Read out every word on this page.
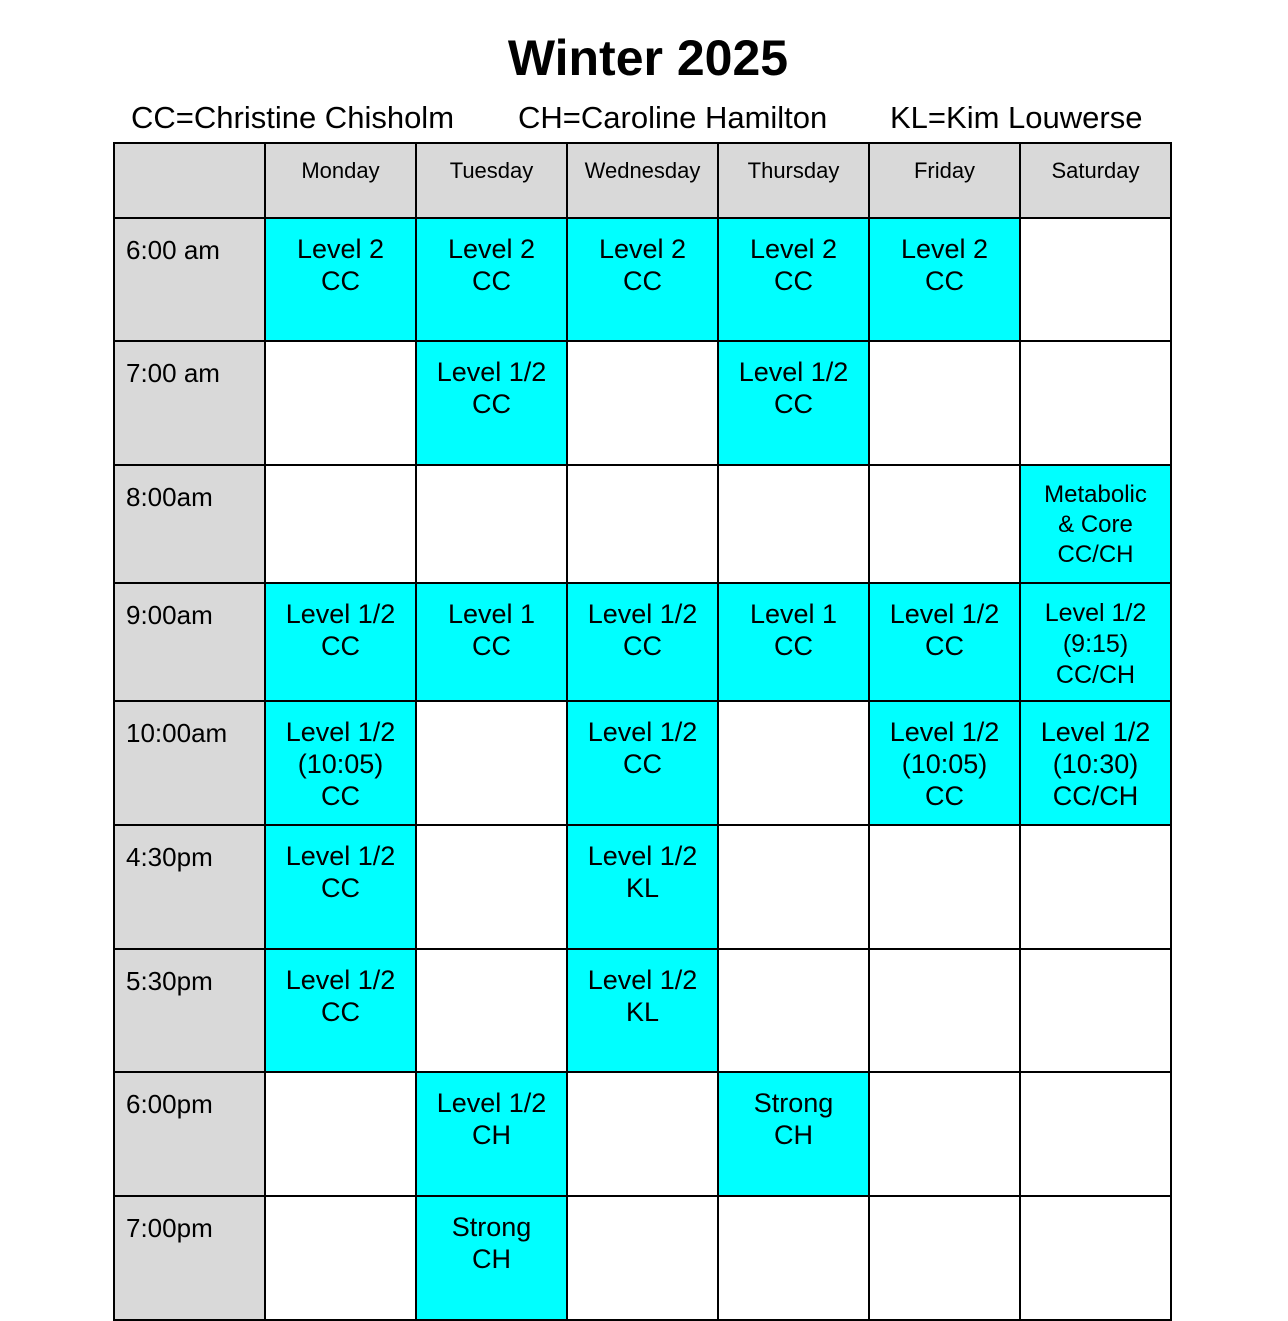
Winter 2025
CC=Christine Chisholm CH=Caroline Hamilton KL=Kim Louwerse
	Monday	Tuesday	Wednesday	Thursday	Friday	Saturday
6:00 am	Level 2
CC	Level 2
CC	Level 2
CC	Level 2
CC	Level 2
CC	

7:00 am		Level 1/2
CC		Level 1/2
CC		

8:00am						Metabolic
& Core
CC/CH

9:00am	Level 1/2
CC	Level 1
CC	Level 1/2
CC	Level 1
CC	Level 1/2
CC	Level 1/2
(9:15)
CC/CH

10:00am	Level 1/2
(10:05)
CC		Level 1/2
CC		Level 1/2
(10:05)
CC	Level 1/2
(10:30)
CC/CH

4:30pm	Level 1/2
CC		Level 1/2
KL			

5:30pm	Level 1/2
CC		Level 1/2
KL			

6:00pm		Level 1/2
CH		Strong
CH		

7:00pm		Strong
CH				
